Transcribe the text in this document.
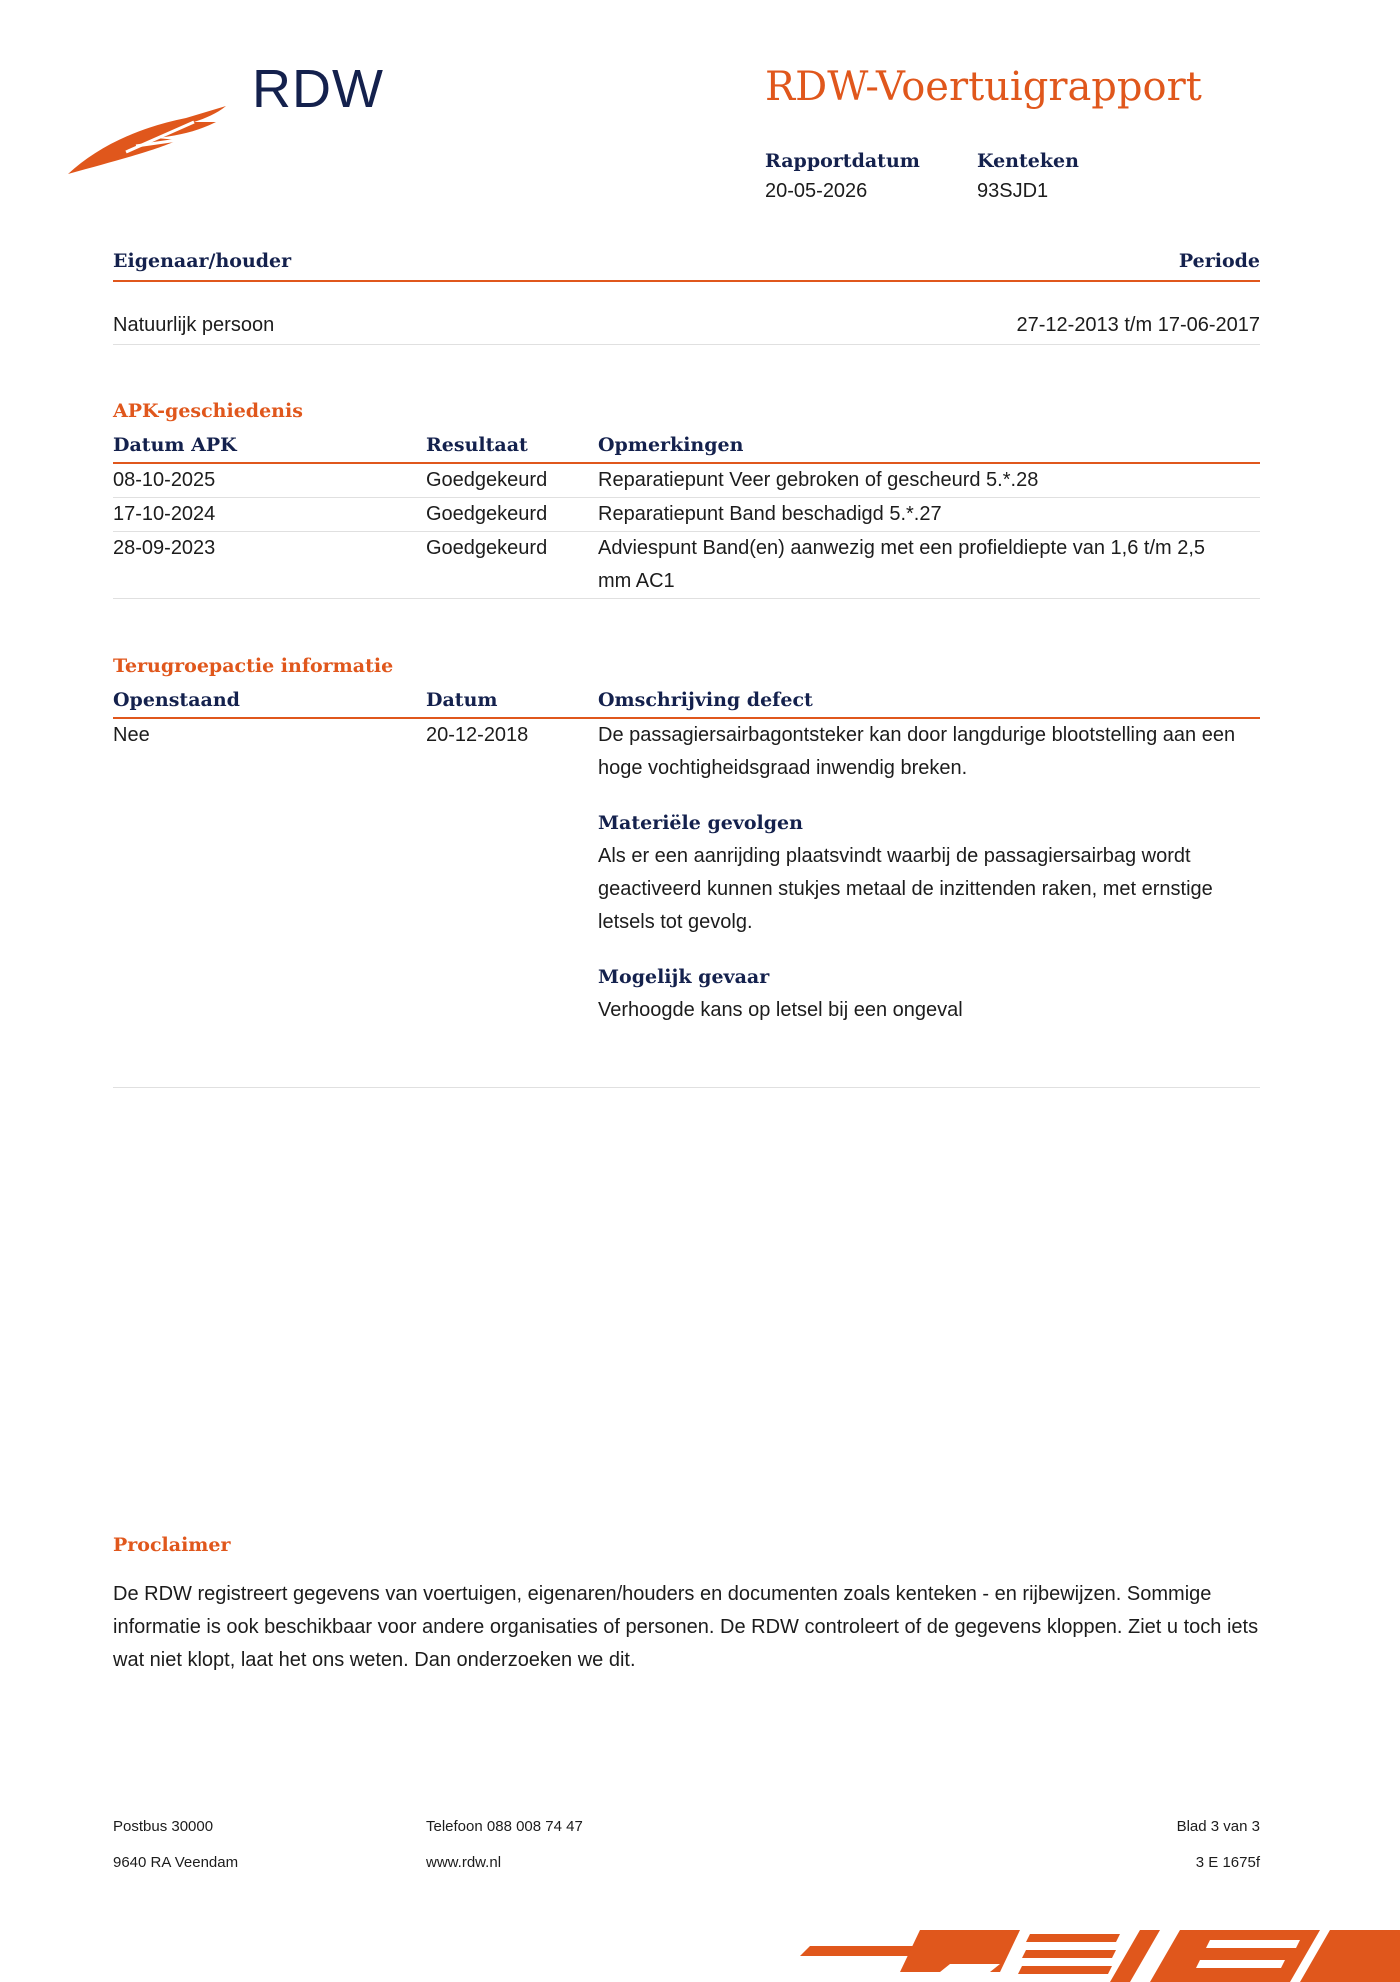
RDW	RDW-Voertuigrapport
Rapportdatum
20-05-2026
Kenteken
93SJD1
Eigenaar/houder	Periode
Natuurlijk persoon	27-12-2013 t/m 17-06-2017
APK-geschiedenis
Datum APK	Resultaat	Opmerkingen
08-10-2025	Goedgekeurd	Reparatiepunt Veer gebroken of gescheurd 5.*.28
17-10-2024	Goedgekeurd	Reparatiepunt Band beschadigd 5.*.27
28-09-2023	Goedgekeurd	Adviespunt Band(en) aanwezig met een profieldiepte van 1,6 t/m 2,5 mm AC1
Terugroepactie informatie
Openstaand	Datum	Omschrijving defect
Nee	20-12-2018	De passagiersairbagontsteker kan door langdurige blootstelling aan een hoge vochtigheidsgraad inwendig breken.
Materiële gevolgen
Als er een aanrijding plaatsvindt waarbij de passagiersairbag wordt geactiveerd kunnen stukjes metaal de inzittenden raken, met ernstige letsels tot gevolg.
Mogelijk gevaar
Verhoogde kans op letsel bij een ongeval
Proclaimer
De RDW registreert gegevens van voertuigen, eigenaren/houders en documenten zoals kenteken - en rijbewijzen. Sommige informatie is ook beschikbaar voor andere organisaties of personen. De RDW controleert of de gegevens kloppen. Ziet u toch iets wat niet klopt, laat het ons weten. Dan onderzoeken we dit.
Postbus 30000
9640 RA Veendam
Telefoon 088 008 74 47
www.rdw.nl
Blad 3 van 3
3 E 1675f
